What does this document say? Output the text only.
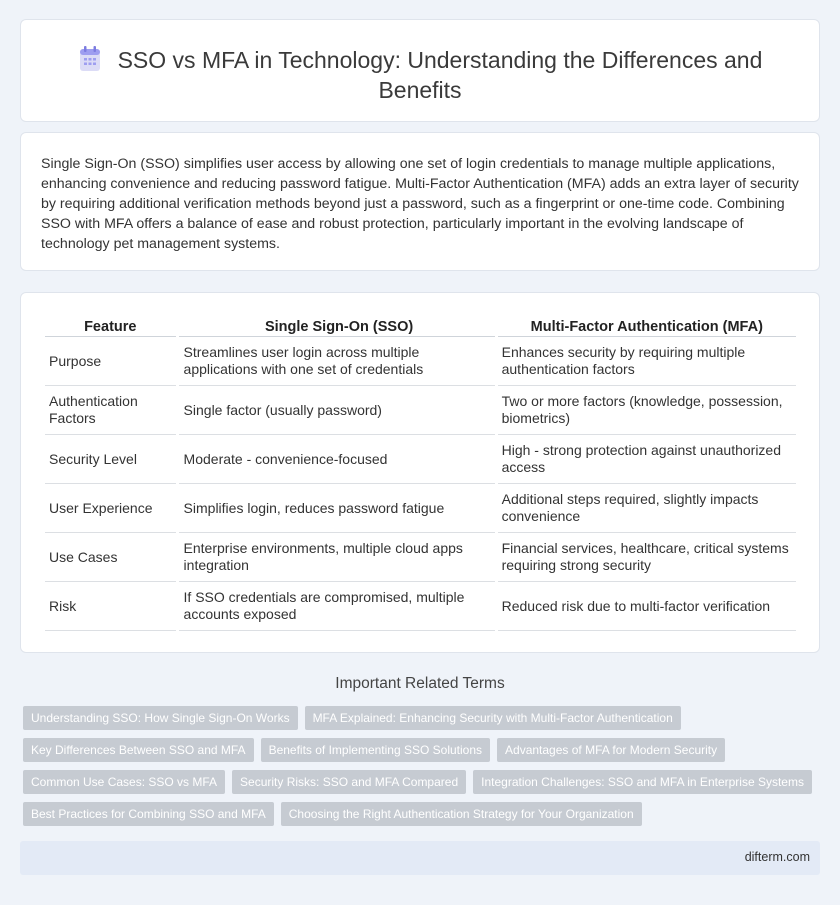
SSO vs MFA in Technology: Understanding the Differences and
Benefits

Single Sign-On (SSO) simplifies user access by allowing one set of login credentials to manage multiple applications, enhancing convenience and reducing password fatigue. Multi-Factor Authentication (MFA) adds an extra layer of security by requiring additional verification methods beyond just a password, such as a fingerprint or one-time code. Combining SSO with MFA offers a balance of ease and robust protection, particularly important in the evolving landscape of technology pet management systems.

Feature	Single Sign-On (SSO)	Multi-Factor Authentication (MFA)
Purpose	Streamlines user login across multiple applications with one set of credentials	Enhances security by requiring multiple authentication factors
Authentication Factors	Single factor (usually password)	Two or more factors (knowledge, possession, biometrics)
Security Level	Moderate - convenience-focused	High - strong protection against unauthorized access
User Experience	Simplifies login, reduces password fatigue	Additional steps required, slightly impacts convenience
Use Cases	Enterprise environments, multiple cloud apps integration	Financial services, healthcare, critical systems requiring strong security
Risk	If SSO credentials are compromised, multiple accounts exposed	Reduced risk due to multi-factor verification
Important Related Terms
Understanding SSO: How Single Sign-On Works	MFA Explained: Enhancing Security with Multi-Factor Authentication
Key Differences Between SSO and MFA	Benefits of Implementing SSO Solutions	Advantages of MFA for Modern Security
Common Use Cases: SSO vs MFA	Security Risks: SSO and MFA Compared	Integration Challenges: SSO and MFA in Enterprise Systems
Best Practices for Combining SSO and MFA	Choosing the Right Authentication Strategy for Your Organization
difterm.com
